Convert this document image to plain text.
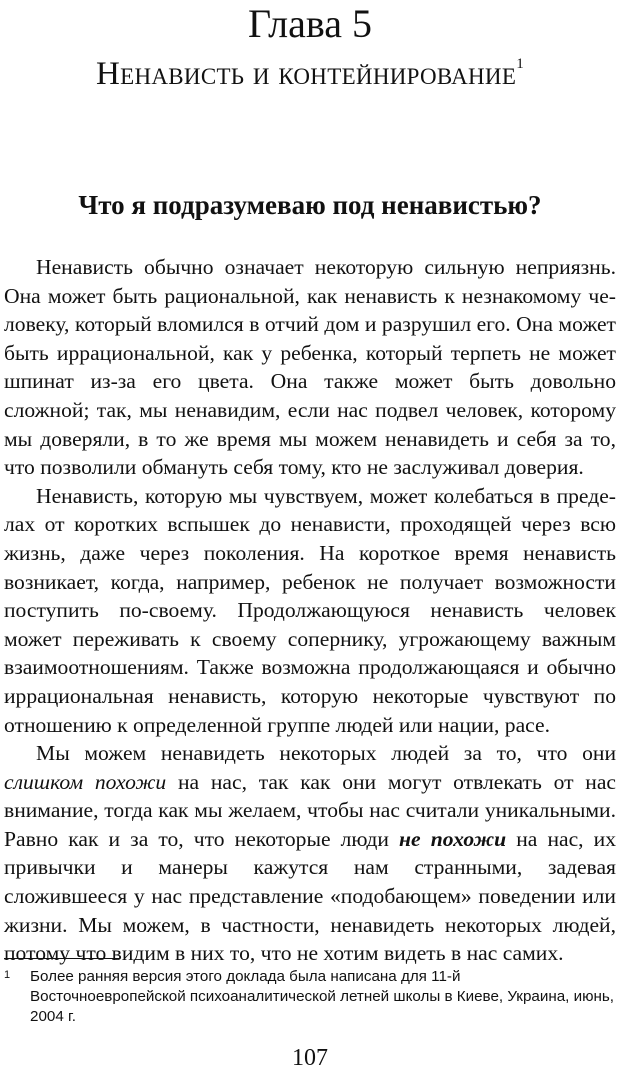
Глава 5
Ненависть и контейнирование$^1$
Что я подразумеваю под ненавистью?

Ненависть обычно означает некоторую сильную неприязнь. Она может быть рациональной, как ненависть к незнакомому человеку, который вломился в отчий дом и разрушил его. Она может быть иррациональной, как у ребенка, который терпеть не может шпинат из-за его цвета. Она также может быть довольно сложной; так, мы ненавидим, если нас подвел человек, которому мы доверяли, в то же время мы можем ненавидеть и себя за то, что позволили обмануть себя тому, кто не заслуживал доверия.

Ненависть, которую мы чувствуем, может колебаться в пределах от коротких вспышек до ненависти, проходящей через всю жизнь, даже через поколения. На короткое время ненависть возникает, когда, например, ребенок не получает возможности поступить по-своему. Продолжающуюся ненависть человек может переживать к своему сопернику, угрожающему важным взаимоотношениям. Также возможна продолжающаяся и обычно иррациональная ненависть, которую некоторые чувствуют по отношению к определенной группе людей или нации, расе.

Мы можем ненавидеть некоторых людей за то, что они слишком похожи на нас, так как они могут отвлекать от нас внимание, тогда как мы желаем, чтобы нас считали уникальными. Равно как и за то, что некоторые люди не похожи на нас, их привычки и манеры кажутся нам странными, задевая сложившееся у нас представление «подобающем» поведении или жизни. Мы можем, в частности, ненавидеть некоторых людей, потому что видим в них то, что не хотим видеть в нас самих.

1 Более ранняя версия этого доклада была написана для 11-й Восточноевропейской психоаналитической летней школы в Киеве, Украина, июнь, 2004 г.
107
